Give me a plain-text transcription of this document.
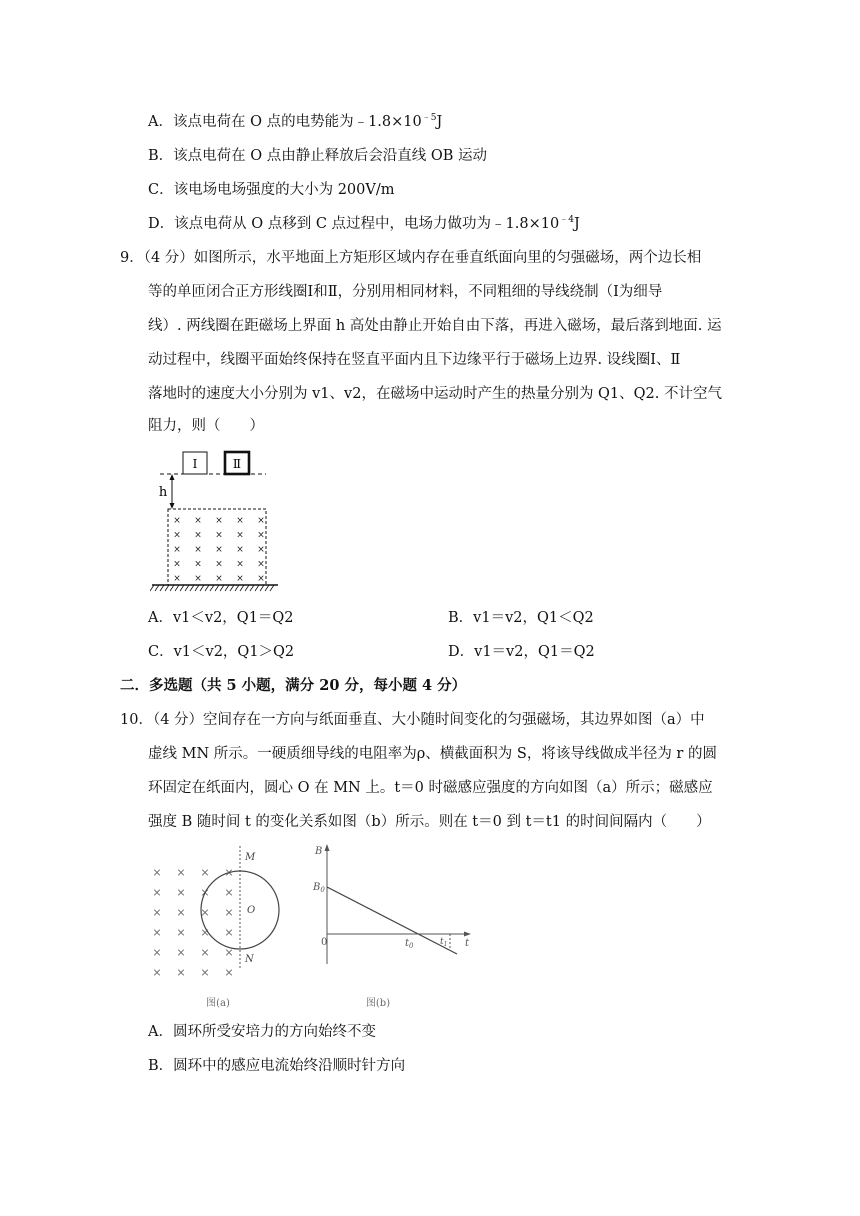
A．该点电荷在 O 点的电势能为$﹣1.8\times 10^{﹣5}J$
B．该点电荷在 O 点由静止释放后会沿直线 OB 运动
C．该电场电场强度的大小为 200V/m
D．该点电荷从 O 点移到 C 点过程中，电场力做功为$﹣1.8\times 10^{﹣4}J$
9．（4 分）如图所示，水平地面上方矩形区域内存在垂直纸面向里的匀强磁场，两个边长相
等的单匝闭合正方形线圈Ⅰ和Ⅱ，分别用相同材料，不同粗细的导线绕制（Ⅰ为细导
线）. 两线圈在距磁场上界面 h 高处由静止开始自由下落，再进入磁场，最后落到地面. 运
动过程中，线圈平面始终保持在竖直平面内且下边缘平行于磁场上边界. 设线圈Ⅰ、Ⅱ
落地时的速度大小分别为 v1、v2，在磁场中运动时产生的热量分别为 Q1、Q2. 不计空气
阻力，则（　　）
Ⅰ	Ⅱ
h
× × × × ×
× × × × ×
× × × × ×
× × × × ×
× × × × ×
A．v1＜v2，Q1＝Q2	B．v1＝v2，Q1＜Q2
C．v1＜v2，Q1＞Q2	D．v1＝v2，Q1＝Q2
二．多选题（共 5 小题，满分 20 分，每小题 4 分）
10．（4 分）空间存在一方向与纸面垂直、大小随时间变化的匀强磁场，其边界如图（a）中
虚线 MN 所示。一硬质细导线的电阻率为ρ、横截面积为 S，将该导线做成半径为 r 的圆
环固定在纸面内，圆心 O 在 MN 上。t＝0 时磁感应强度的方向如图（a）所示；磁感应
强度 B 随时间 t 的变化关系如图（b）所示。则在 t＝0 到 t＝t1 的时间间隔内（　　）
× × × ×
× × × ×
× × × ×
× × × ×
× × × ×
× × × ×
M
O
N
图(a)
B
t
0
$B_0$
$t_0$	$t_1$
图(b)
A．圆环所受安培力的方向始终不变
B．圆环中的感应电流始终沿顺时针方向
